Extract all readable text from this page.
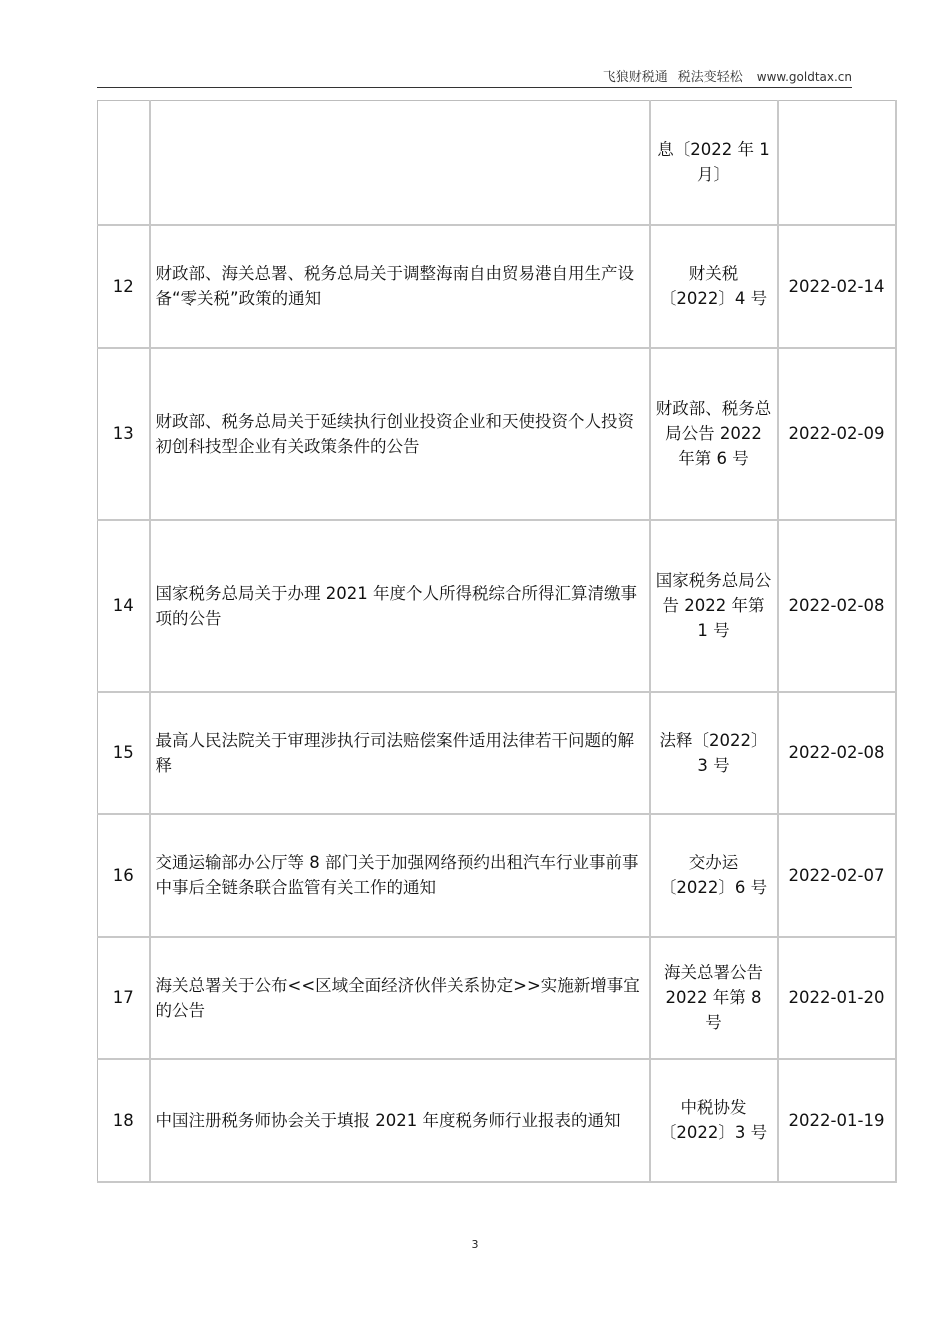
飞狼财税通 税法变轻松 www.goldtax.cn
		息〔2022 年 1 月〕	
12	财政部、海关总署、税务总局关于调整海南自由贸易港自用生产设备“零关税”政策的通知	财关税〔2022〕4 号	2022-02-14
13	财政部、税务总局关于延续执行创业投资企业和天使投资个人投资初创科技型企业有关政策条件的公告	财政部、税务总局公告 2022 年第 6 号	2022-02-09
14	国家税务总局关于办理 2021 年度个人所得税综合所得汇算清缴事项的公告	国家税务总局公告 2022 年第 1 号	2022-02-08
15	最高人民法院关于审理涉执行司法赔偿案件适用法律若干问题的解释	法释〔2022〕3 号	2022-02-08
16	交通运输部办公厅等 8 部门关于加强网络预约出租汽车行业事前事中事后全链条联合监管有关工作的通知	交办运〔2022〕6 号	2022-02-07
17	海关总署关于公布<<区域全面经济伙伴关系协定>>实施新增事宜的公告	海关总署公告 2022 年第 8 号	2022-01-20
18	中国注册税务师协会关于填报 2021 年度税务师行业报表的通知	中税协发〔2022〕3 号	2022-01-19
3
